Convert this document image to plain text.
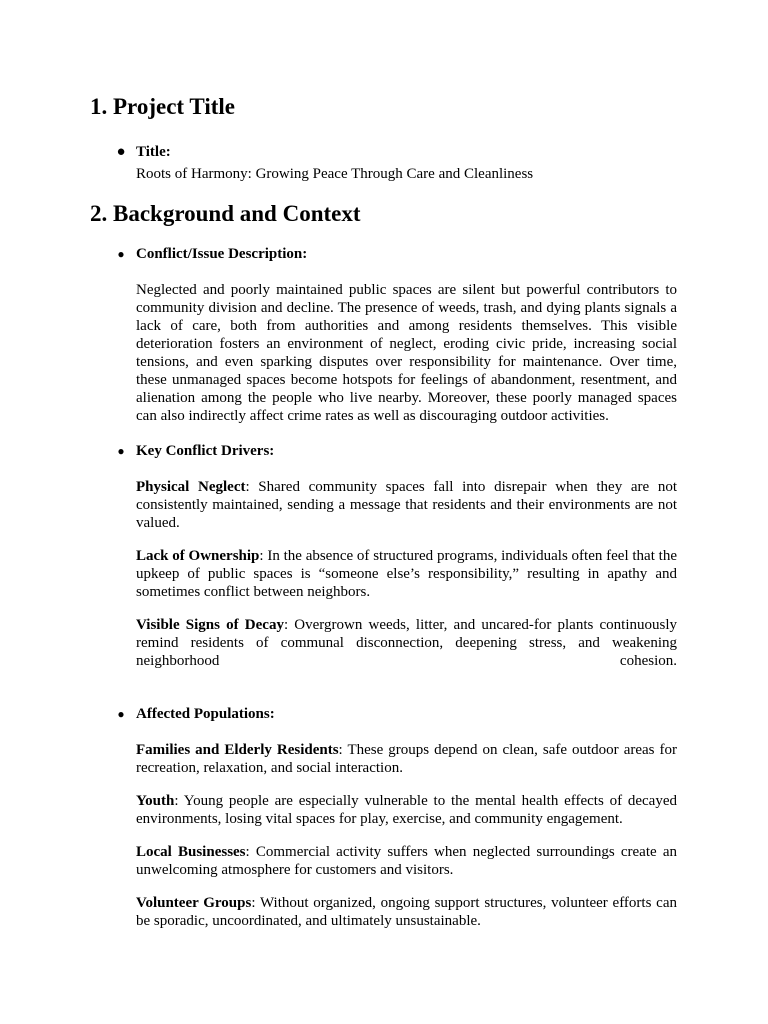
1. Project Title
● Title:

Roots of Harmony: Growing Peace Through Care and Cleanliness

2. Background and Context
● Conflict/Issue Description:

Neglected and poorly maintained public spaces are silent but powerful contributors to community division and decline. The presence of weeds, trash, and dying plants signals a lack of care, both from authorities and among residents themselves. This visible deterioration fosters an environment of neglect, eroding civic pride, increasing social tensions, and even sparking disputes over responsibility for maintenance. Over time, these unmanaged spaces become hotspots for feelings of abandonment, resentment, and alienation among the people who live nearby. Moreover, these poorly managed spaces can also indirectly affect crime rates as well as discouraging outdoor activities.

● Key Conflict Drivers:

Physical Neglect: Shared community spaces fall into disrepair when they are not consistently maintained, sending a message that residents and their environments are not valued.

Lack of Ownership: In the absence of structured programs, individuals often feel that the upkeep of public spaces is “someone else’s responsibility,” resulting in apathy and sometimes conflict between neighbors.

Visible Signs of Decay: Overgrown weeds, litter, and uncared-for plants continuously remind residents of communal disconnection, deepening stress, and weakening neighborhood cohesion.

● Affected Populations:

Families and Elderly Residents: These groups depend on clean, safe outdoor areas for recreation, relaxation, and social interaction.

Youth: Young people are especially vulnerable to the mental health effects of decayed environments, losing vital spaces for play, exercise, and community engagement.

Local Businesses: Commercial activity suffers when neglected surroundings create an unwelcoming atmosphere for customers and visitors.

Volunteer Groups: Without organized, ongoing support structures, volunteer efforts can be sporadic, uncoordinated, and ultimately unsustainable.
